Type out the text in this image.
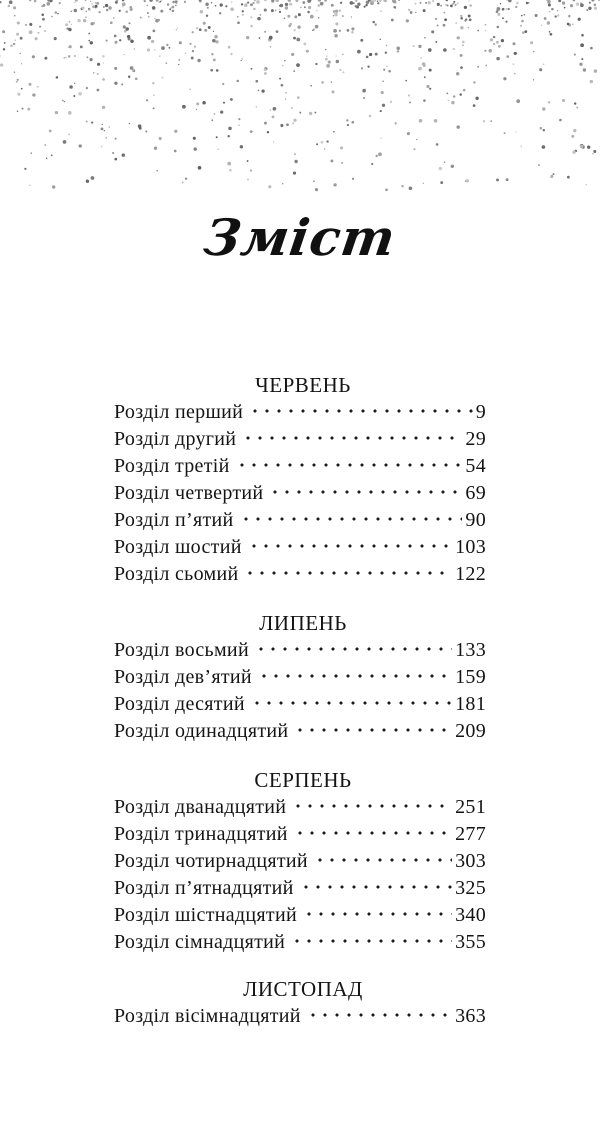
Зміст
ЧЕРВЕНЬ
Розділ перший	9
Розділ другий	29
Розділ третій	54
Розділ четвертий	69
Розділ п’ятий	90
Розділ шостий	103
Розділ сьомий	122
ЛИПЕНЬ
Розділ восьмий	133
Розділ дев’ятий	159
Розділ десятий	181
Розділ одинадцятий	209
СЕРПЕНЬ
Розділ дванадцятий	251
Розділ тринадцятий	277
Розділ чотирнадцятий	303
Розділ п’ятнадцятий	325
Розділ шістнадцятий	340
Розділ сімнадцятий	355
ЛИСТОПАД
Розділ вісімнадцятий	363
